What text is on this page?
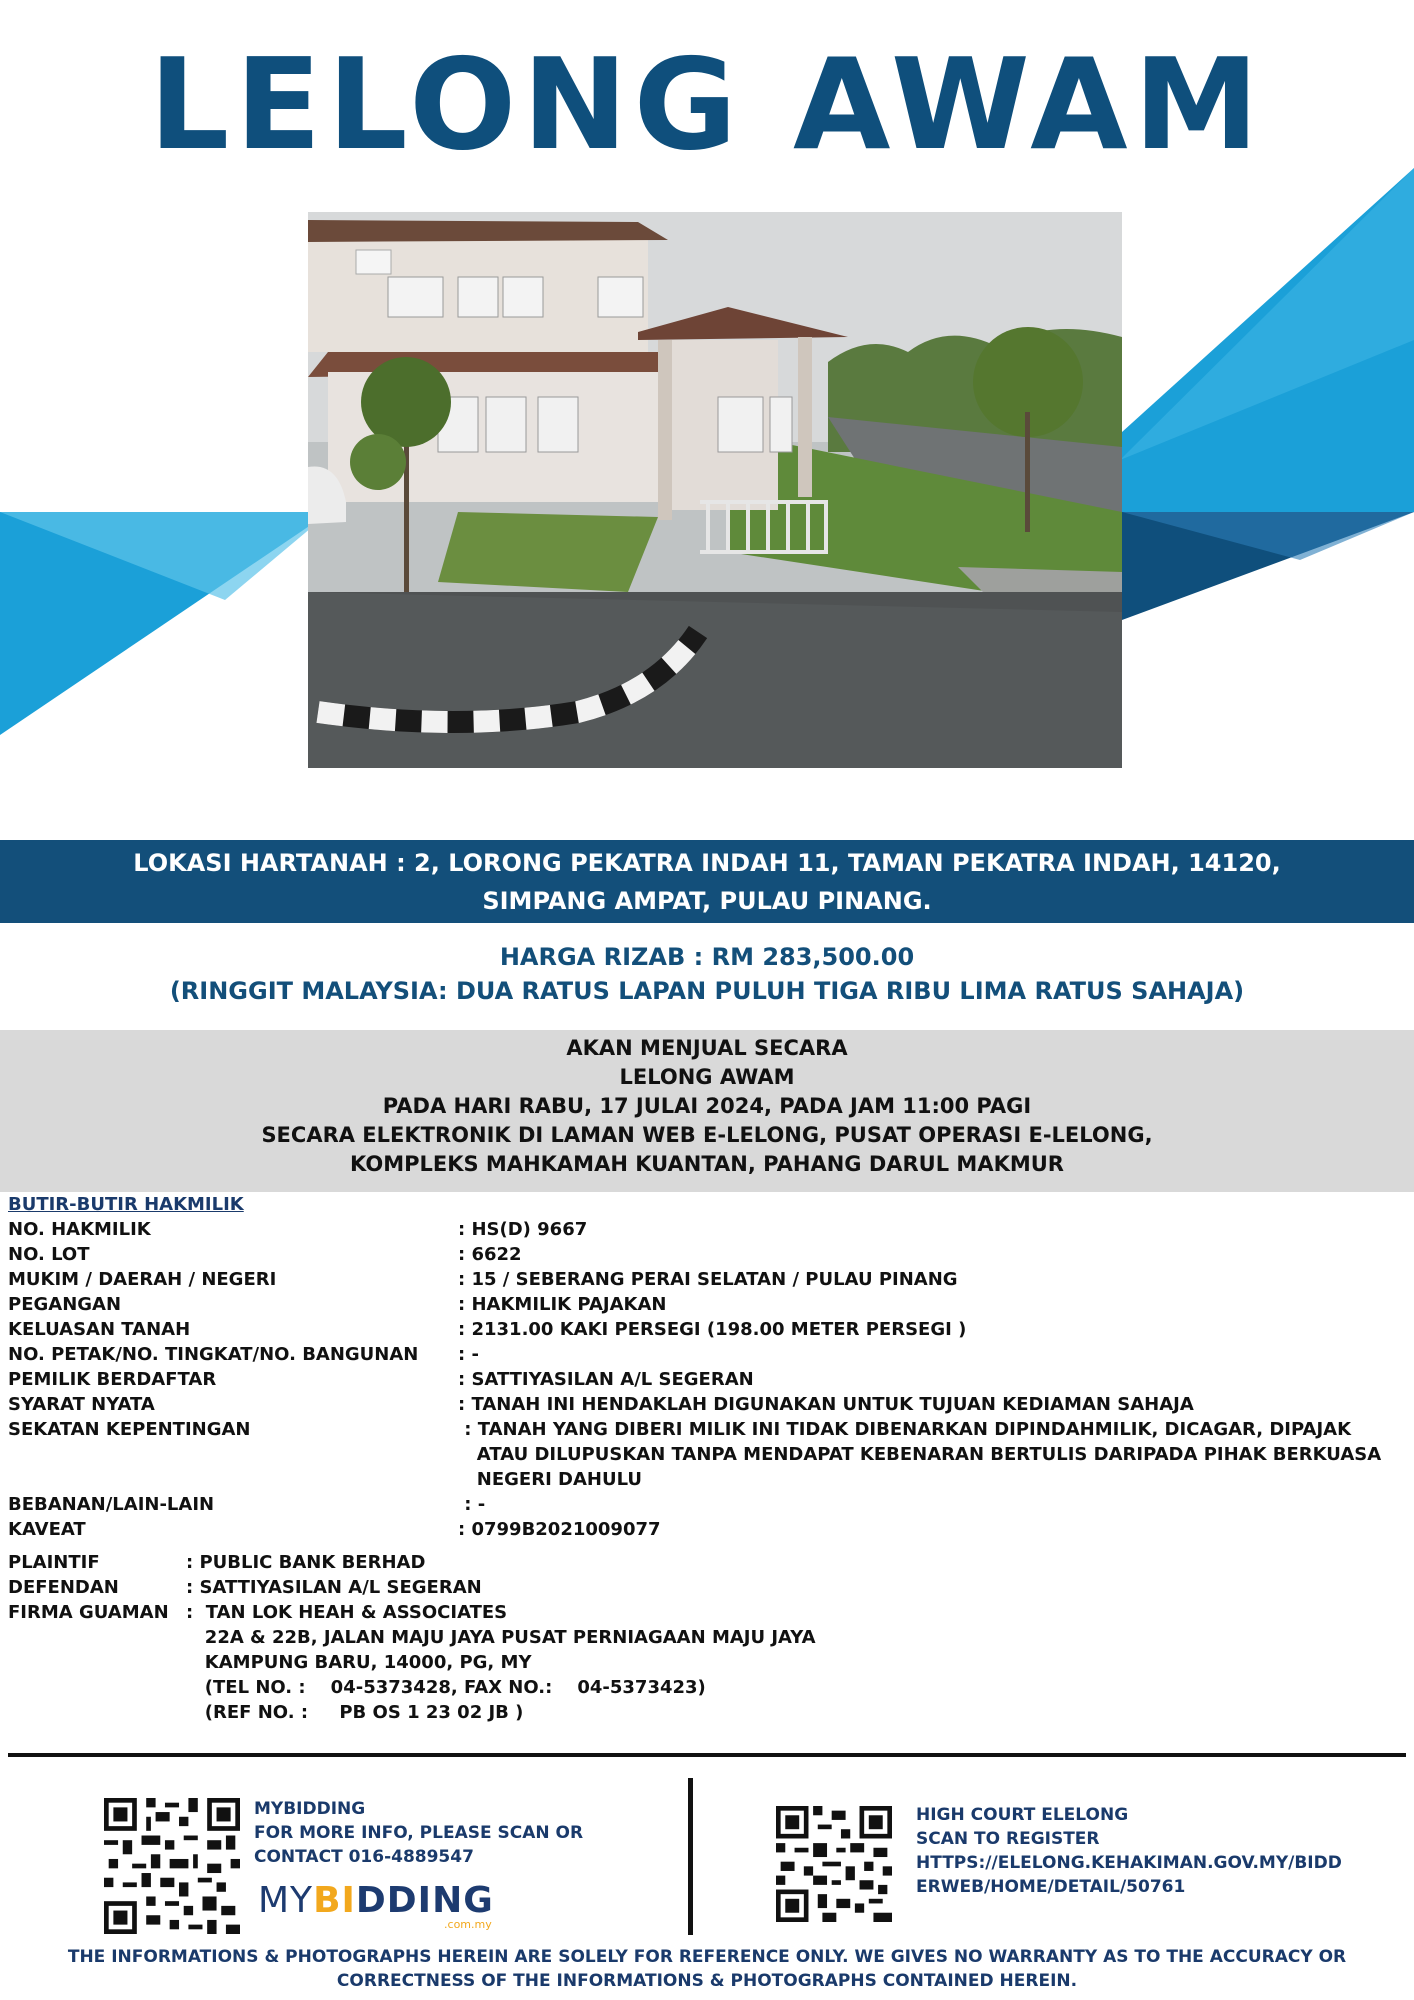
LELONG AWAM
LOKASI HARTANAH : 2, LORONG PEKATRA INDAH 11, TAMAN PEKATRA INDAH, 14120,
SIMPANG AMPAT, PULAU PINANG.
HARGA RIZAB : RM 283,500.00
(RINGGIT MALAYSIA: DUA RATUS LAPAN PULUH TIGA RIBU LIMA RATUS SAHAJA)
AKAN MENJUAL SECARA
LELONG AWAM
PADA HARI RABU, 17 JULAI 2024, PADA JAM 11:00 PAGI
SECARA ELEKTRONIK DI LAMAN WEB E-LELONG, PUSAT OPERASI E-LELONG,
KOMPLEKS MAHKAMAH KUANTAN, PAHANG DARUL MAKMUR
BUTIR-BUTIR HAKMILIK
NO. HAKMILIK	: HS(D) 9667
NO. LOT	: 6622
MUKIM / DAERAH / NEGERI	: 15 / SEBERANG PERAI SELATAN / PULAU PINANG
PEGANGAN	: HAKMILIK PAJAKAN
KELUASAN TANAH	: 2131.00 KAKI PERSEGI (198.00 METER PERSEGI )
NO. PETAK/NO. TINGKAT/NO. BANGUNAN : -
PEMILIK BERDAFTAR	: SATTIYASILAN A/L SEGERAN
SYARAT NYATA	: TANAH INI HENDAKLAH DIGUNAKAN UNTUK TUJUAN KEDIAMAN SAHAJA
SEKATAN KEPENTINGAN	: TANAH YANG DIBERI MILIK INI TIDAK DIBENARKAN DIPINDAHMILIK, DICAGAR, DIPAJAK
ATAU DILUPUSKAN TANPA MENDAPAT KEBENARAN BERTULIS DARIPADA PIHAK BERKUASA
NEGERI DAHULU
BEBANAN/LAIN-LAIN	: -
KAVEAT	: 0799B2021009077
PLAINTIF	: PUBLIC BANK BERHAD
DEFENDAN	: SATTIYASILAN A/L SEGERAN
FIRMA GUAMAN :  TAN LOK HEAH & ASSOCIATES
22A & 22B, JALAN MAJU JAYA PUSAT PERNIAGAAN MAJU JAYA
KAMPUNG BARU, 14000, PG, MY
(TEL NO. :    04-5373428, FAX NO.:    04-5373423)
(REF NO. :     PB OS 1 23 02 JB )
MYBIDDING
FOR MORE INFO, PLEASE SCAN OR
CONTACT 016-4889547
MYBIDDING
.com.my
HIGH COURT ELELONG
SCAN TO REGISTER
HTTPS://ELELONG.KEHAKIMAN.GOV.MY/BIDD
ERWEB/HOME/DETAIL/50761
THE INFORMATIONS & PHOTOGRAPHS HEREIN ARE SOLELY FOR REFERENCE ONLY. WE GIVES NO WARRANTY AS TO THE ACCURACY OR
CORRECTNESS OF THE INFORMATIONS & PHOTOGRAPHS CONTAINED HEREIN.
